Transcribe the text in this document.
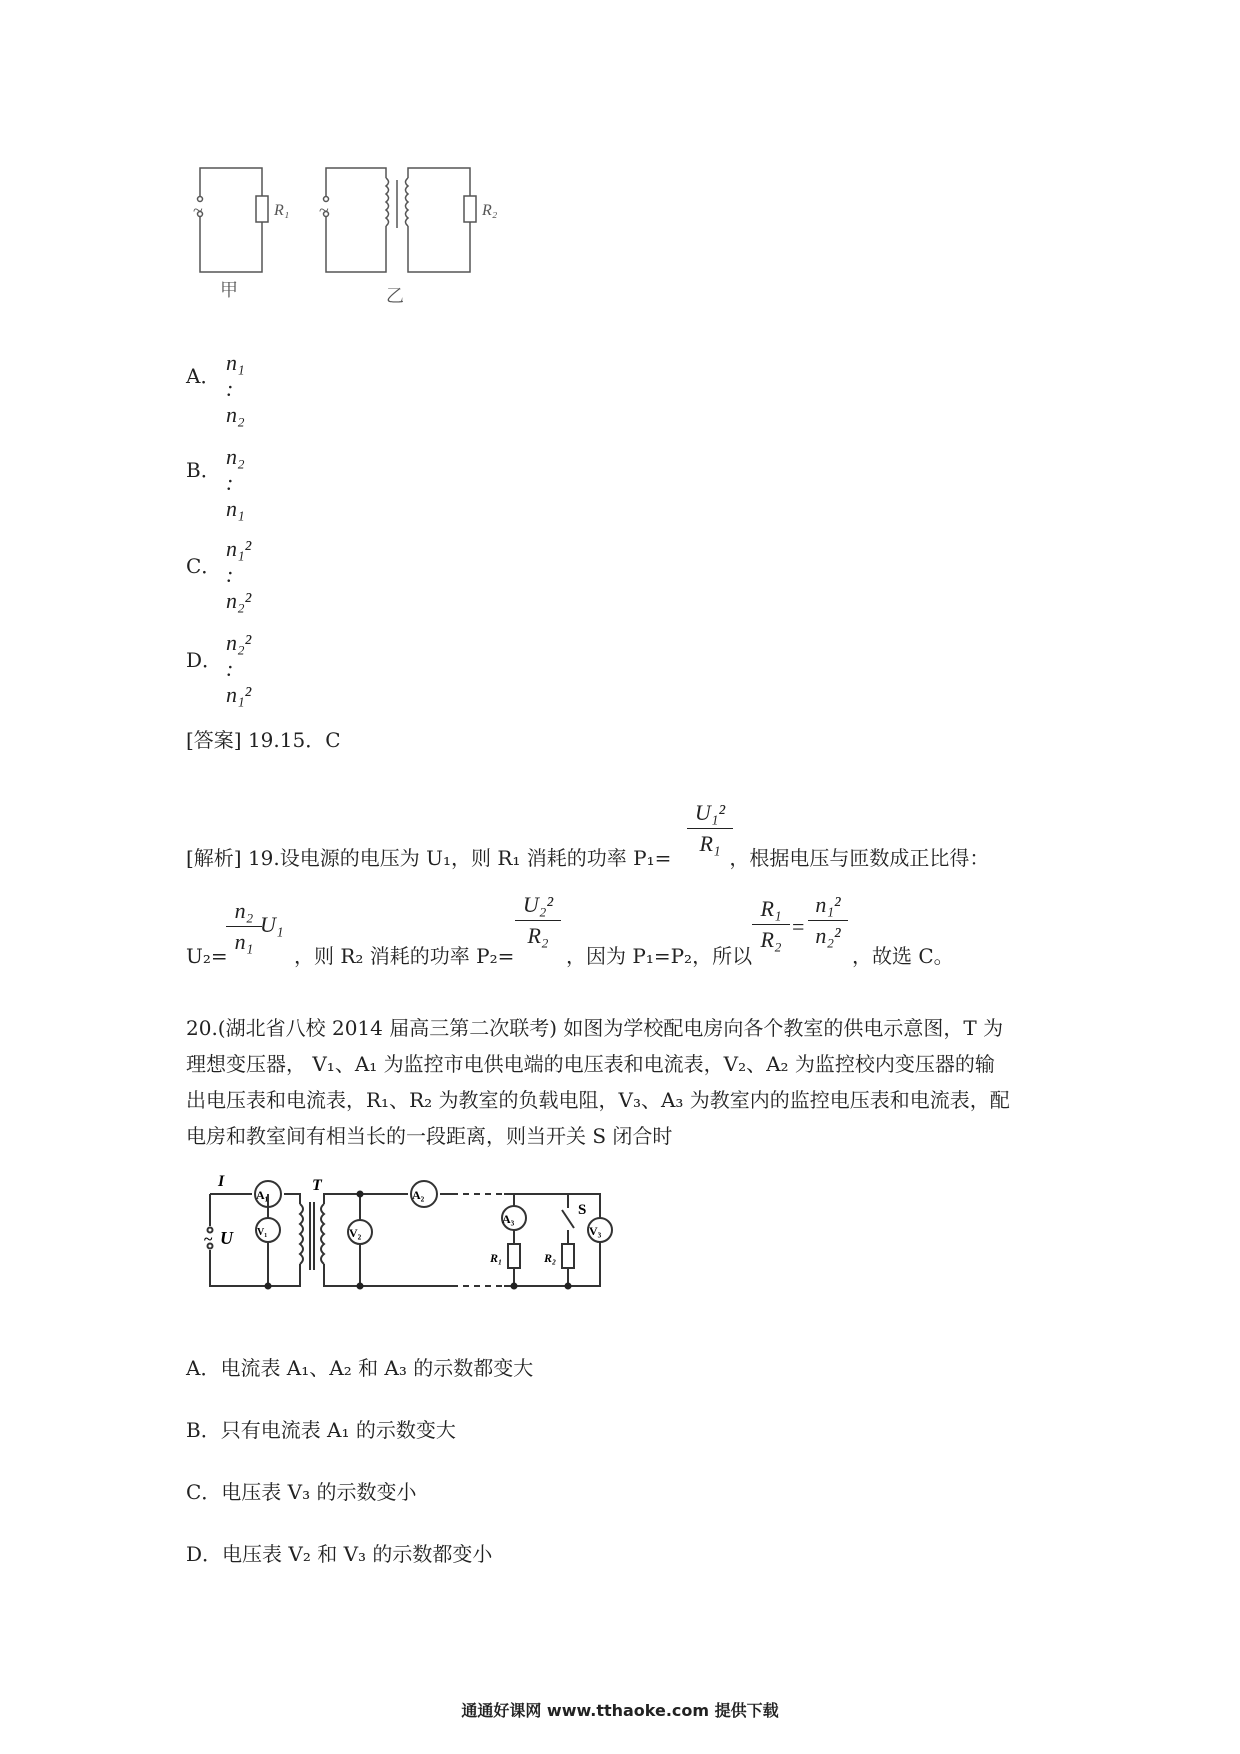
~	~
R₁	R₂
甲	乙
A．
n₁ : n₂
B．
n₂ : n₁
C．
n₁² : n₂²
D．
n₂² : n₁²
[答案] 19.15．C
[解析] 19.设电源的电压为 U₁，则 R₁ 消耗的功率 P₁=	，根据电压与匝数成正比得：
U₁²
R₁
U₂=
n₂
n₁
U₁
，则 R₂ 消耗的功率 P₂=
U₂²
R₂
，因为 P₁=P₂，所以
R₁
R₂
=
n₁²
n₂²
，故选 C。
20.(湖北省八校 2014 届高三第二次联考) 如图为学校配电房向各个教室的供电示意图，T 为
理想变压器， V₁、A₁ 为监控市电供电端的电压表和电流表，V₂、A₂ 为监控校内变压器的输
出电压表和电流表，R₁、R₂ 为教室的负载电阻，V₃、A₃ 为教室内的监控电压表和电流表，配
电房和教室间有相当长的一段距离，则当开关 S 闭合时
A₁	A₂
A₃
V₁	V₂	V₃
I
U
~
T
S
R₁	R₂
A．电流表 A₁、A₂ 和 A₃ 的示数都变大
B．只有电流表 A₁ 的示数变大
C．电压表 V₃ 的示数变小
D．电压表 V₂ 和 V₃ 的示数都变小
通通好课网 www.tthaoke.com 提供下载
